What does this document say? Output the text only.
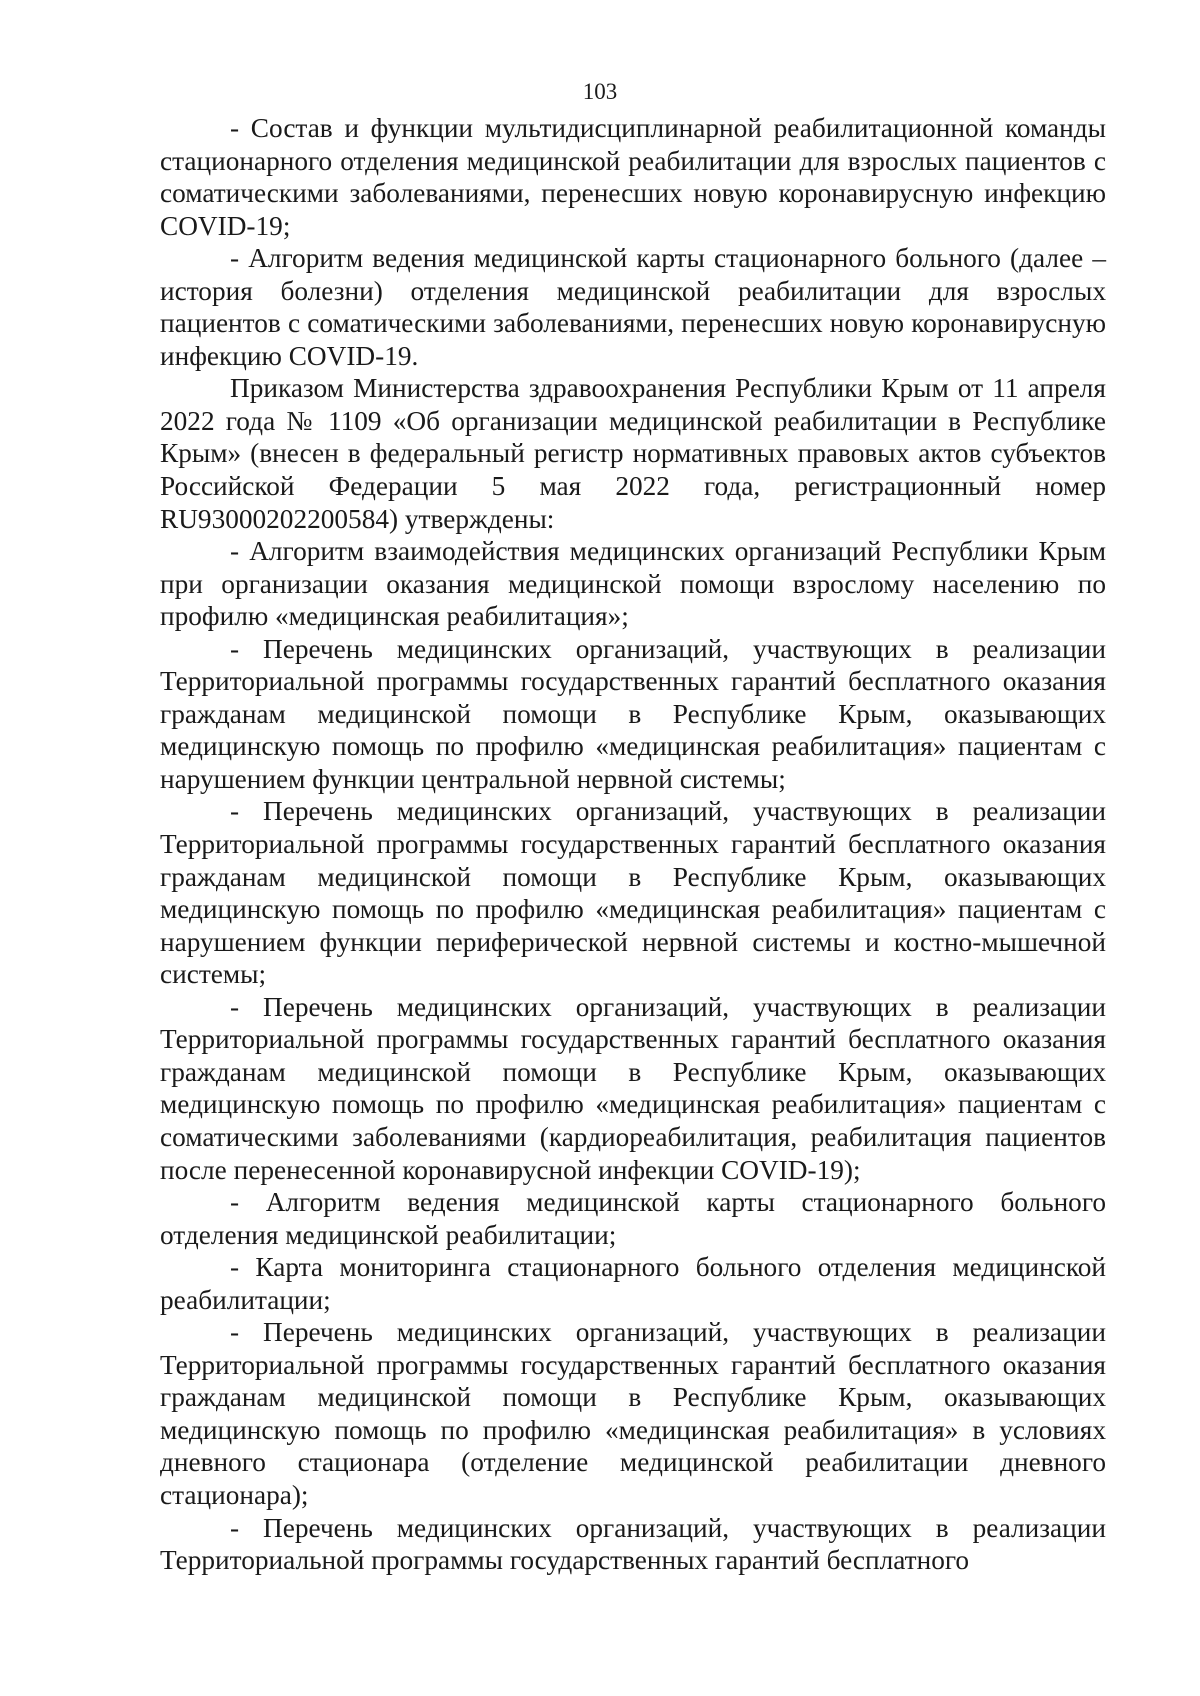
103

- Состав и функции мультидисциплинарной реабилитационной команды стационарного отделения медицинской реабилитации для взрослых пациентов с соматическими заболеваниями, перенесших новую коронавирусную инфекцию COVID-19;

- Алгоритм ведения медицинской карты стационарного больного (далее – история болезни) отделения медицинской реабилитации для взрослых пациентов с соматическими заболеваниями, перенесших новую коронавирусную инфекцию COVID-19.

Приказом Министерства здравоохранения Республики Крым от 11 апреля 2022 года № 1109 «Об организации медицинской реабилитации в Республике Крым» (внесен в федеральный регистр нормативных правовых актов субъектов Российской Федерации 5 мая 2022 года, регистрационный номер RU93000202200584) утверждены:

- Алгоритм взаимодействия медицинских организаций Республики Крым при организации оказания медицинской помощи взрослому населению по профилю «медицинская реабилитация»;

- Перечень медицинских организаций, участвующих в реализации Территориальной программы государственных гарантий бесплатного оказания гражданам медицинской помощи в Республике Крым, оказывающих медицинскую помощь по профилю «медицинская реабилитация» пациентам с нарушением функции центральной нервной системы;

- Перечень медицинских организаций, участвующих в реализации Территориальной программы государственных гарантий бесплатного оказания гражданам медицинской помощи в Республике Крым, оказывающих медицинскую помощь по профилю «медицинская реабилитация» пациентам с нарушением функции периферической нервной системы и костно-мышечной системы;

- Перечень медицинских организаций, участвующих в реализации Территориальной программы государственных гарантий бесплатного оказания гражданам медицинской помощи в Республике Крым, оказывающих медицинскую помощь по профилю «медицинская реабилитация» пациентам с соматическими заболеваниями (кардиореабилитация, реабилитация пациентов после перенесенной коронавирусной инфекции COVID-19);

- Алгоритм ведения медицинской карты стационарного больного отделения медицинской реабилитации;

- Карта мониторинга стационарного больного отделения медицинской реабилитации;

- Перечень медицинских организаций, участвующих в реализации Территориальной программы государственных гарантий бесплатного оказания гражданам медицинской помощи в Республике Крым, оказывающих медицинскую помощь по профилю «медицинская реабилитация» в условиях дневного стационара (отделение медицинской реабилитации дневного стационара);

- Перечень медицинских организаций, участвующих в реализации Территориальной программы государственных гарантий бесплатного
